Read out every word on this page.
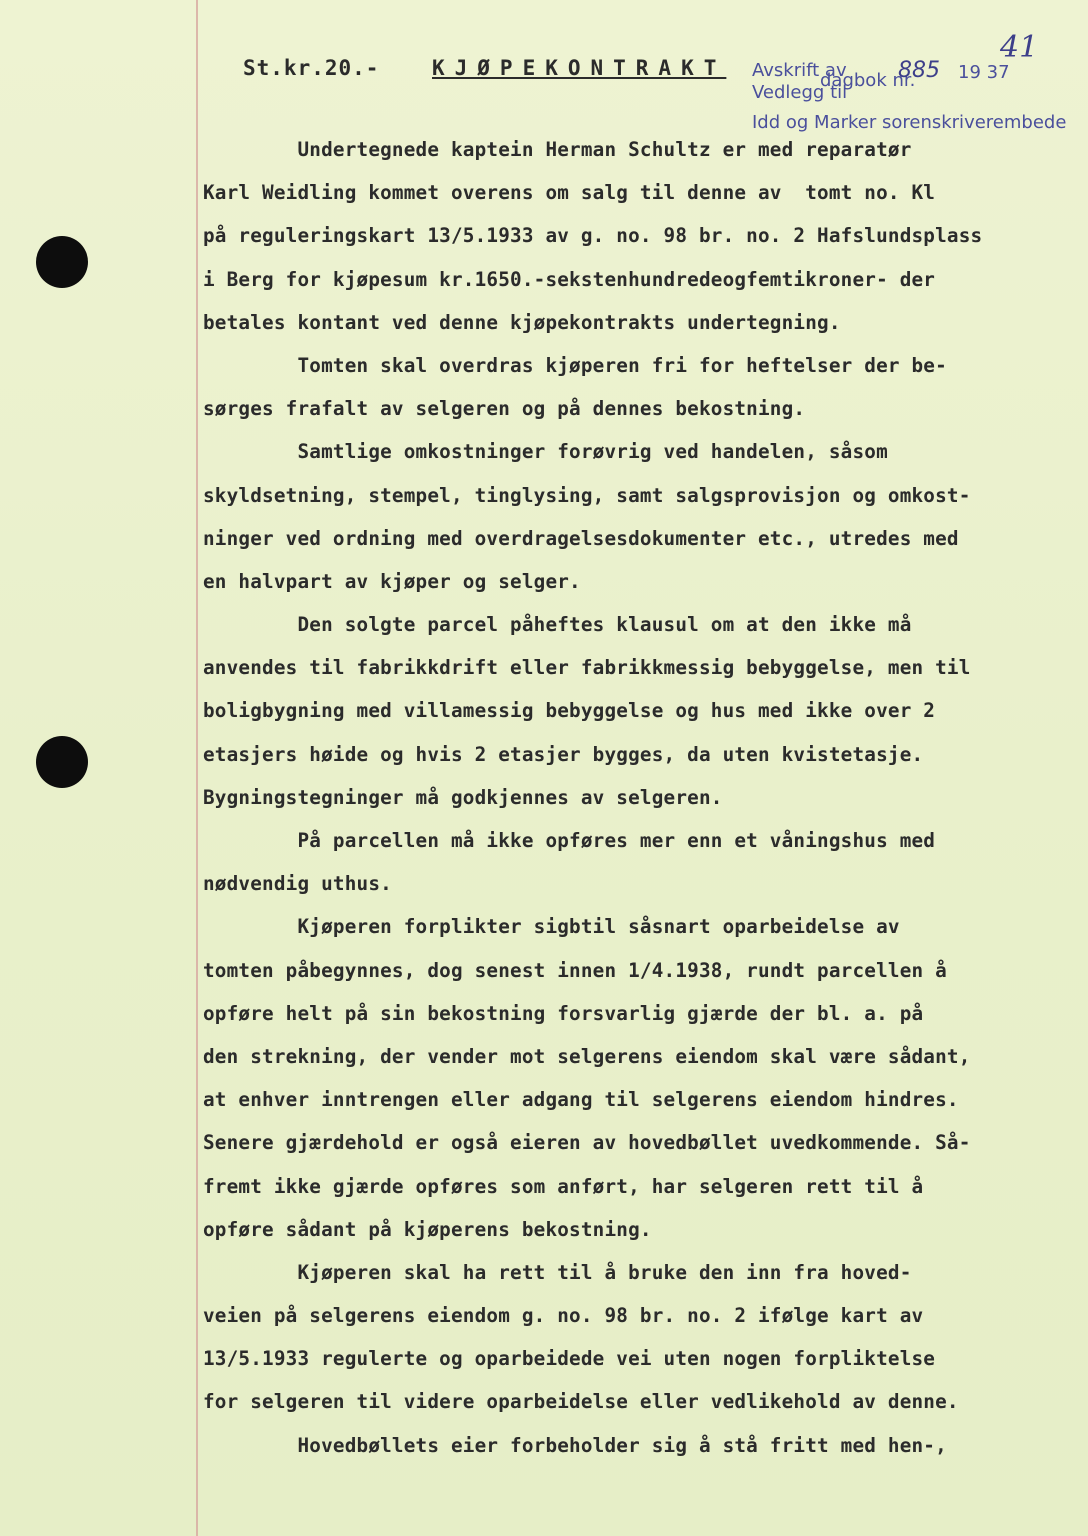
St.kr.20.-	KJØPEKONTRAKT Avskrift av
Vedlegg til
dagbok nr.
885 19 37
Idd og Marker sorenskriverembede
41
Undertegnede kaptein Herman Schultz er med reparatør
Karl Weidling kommet overens om salg til denne av  tomt no. Kl
på reguleringskart 13/5.1933 av g. no. 98 br. no. 2 Hafslundsplass
i Berg for kjøpesum kr.1650.-sekstenhundredeogfemtikroner- der
betales kontant ved denne kjøpekontrakts undertegning.
Tomten skal overdras kjøperen fri for heftelser der be-
sørges frafalt av selgeren og på dennes bekostning.
Samtlige omkostninger forøvrig ved handelen, såsom
skyldsetning, stempel, tinglysing, samt salgsprovisjon og omkost-
ninger ved ordning med overdragelsesdokumenter etc., utredes med
en halvpart av kjøper og selger.
Den solgte parcel påheftes klausul om at den ikke må
anvendes til fabrikkdrift eller fabrikkmessig bebyggelse, men til
boligbygning med villamessig bebyggelse og hus med ikke over 2
etasjers høide og hvis 2 etasjer bygges, da uten kvistetasje.
Bygningstegninger må godkjennes av selgeren.
På parcellen må ikke opføres mer enn et våningshus med
nødvendig uthus.
Kjøperen forplikter sigbtil såsnart oparbeidelse av
tomten påbegynnes, dog senest innen 1/4.1938, rundt parcellen å
opføre helt på sin bekostning forsvarlig gjærde der bl. a. på
den strekning, der vender mot selgerens eiendom skal være sådant,
at enhver inntrengen eller adgang til selgerens eiendom hindres.
Senere gjærdehold er også eieren av hovedbøllet uvedkommende. Så-
fremt ikke gjærde opføres som anført, har selgeren rett til å
opføre sådant på kjøperens bekostning.
Kjøperen skal ha rett til å bruke den inn fra hoved-
veien på selgerens eiendom g. no. 98 br. no. 2 ifølge kart av
13/5.1933 regulerte og oparbeidede vei uten nogen forpliktelse
for selgeren til videre oparbeidelse eller vedlikehold av denne.
Hovedbøllets eier forbeholder sig å stå fritt med hen-,
